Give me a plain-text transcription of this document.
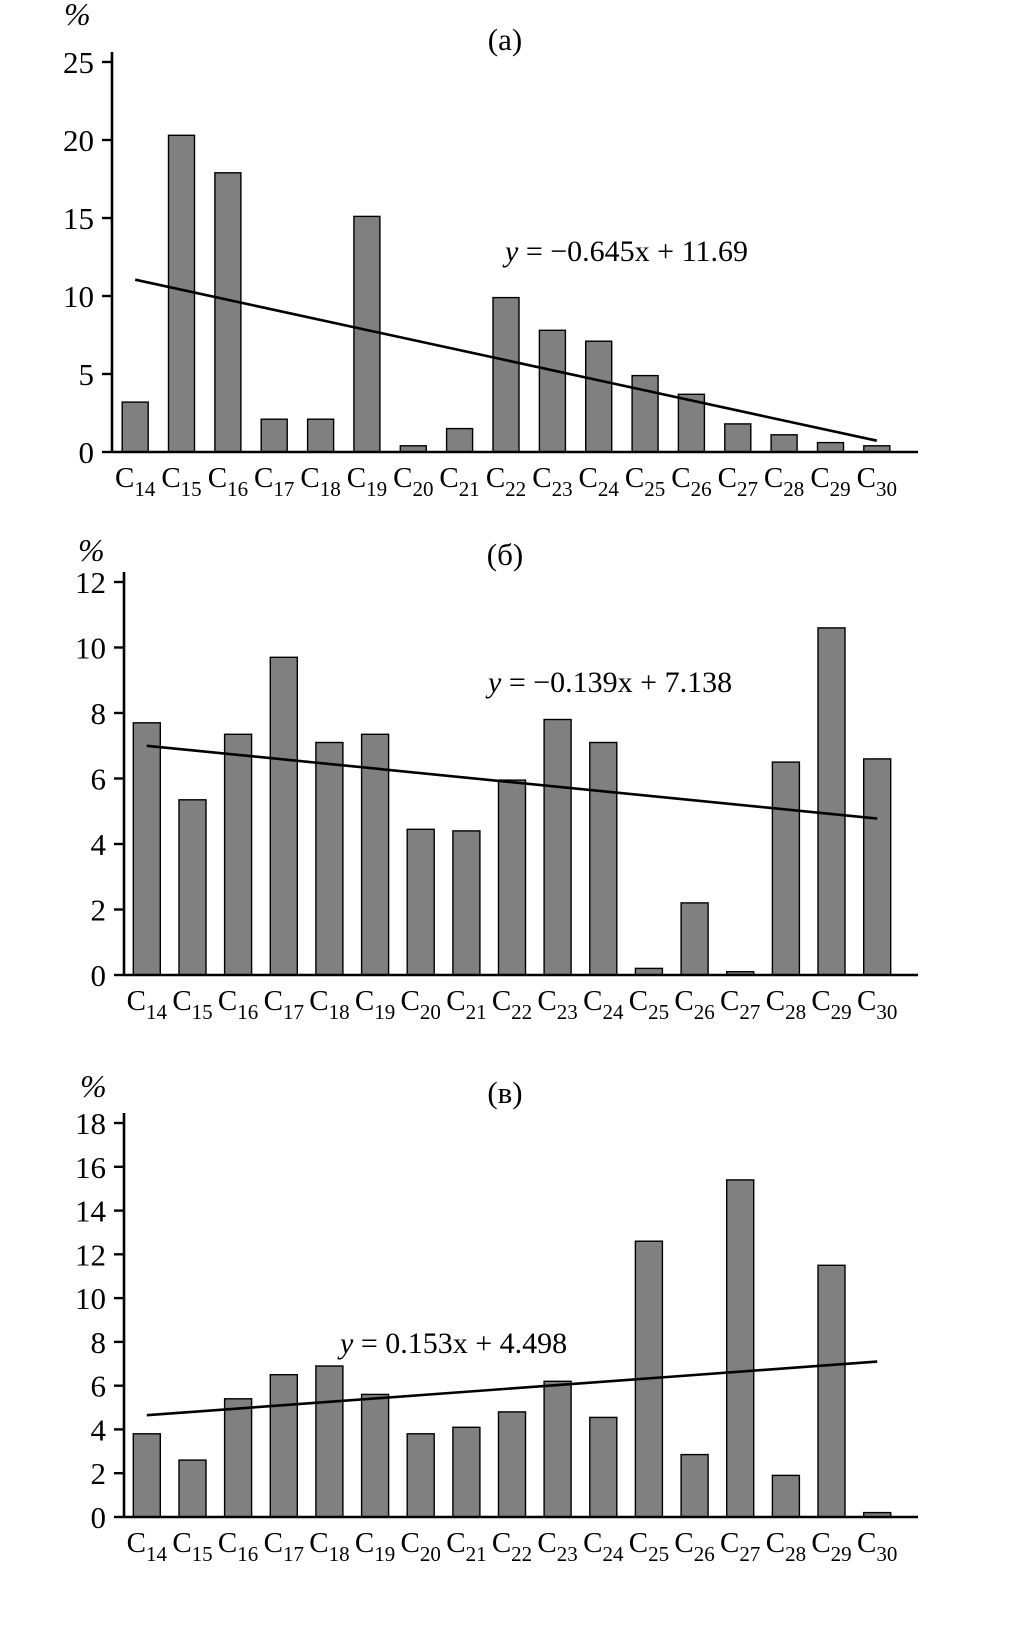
(a)
%
y = −0.645x + 11.69
0
5
10
15
20
25
$C_{14}$ $C_{15}$ $C_{16}$ $C_{17}$ $C_{18}$ $C_{19}$ $C_{20}$ $C_{21}$ $C_{22}$ $C_{23}$ $C_{24}$ $C_{25}$ $C_{26}$ $C_{27}$ $C_{28}$ $C_{29}$ $C_{30}$
(б)
%
y = −0.139x + 7.138
0
2
4
6
8
10
12
$C_{14}$ $C_{15}$ $C_{16}$ $C_{17}$ $C_{18}$ $C_{19}$ $C_{20}$ $C_{21}$ $C_{22}$ $C_{23}$ $C_{24}$ $C_{25}$ $C_{26}$ $C_{27}$ $C_{28}$ $C_{29}$ $C_{30}$
(в)
%
y = 0.153x + 4.498
0
2
4
6
8
10
12
14
16
18
$C_{14}$ $C_{15}$ $C_{16}$ $C_{17}$ $C_{18}$ $C_{19}$ $C_{20}$ $C_{21}$ $C_{22}$ $C_{23}$ $C_{24}$ $C_{25}$ $C_{26}$ $C_{27}$ $C_{28}$ $C_{29}$ $C_{30}$
